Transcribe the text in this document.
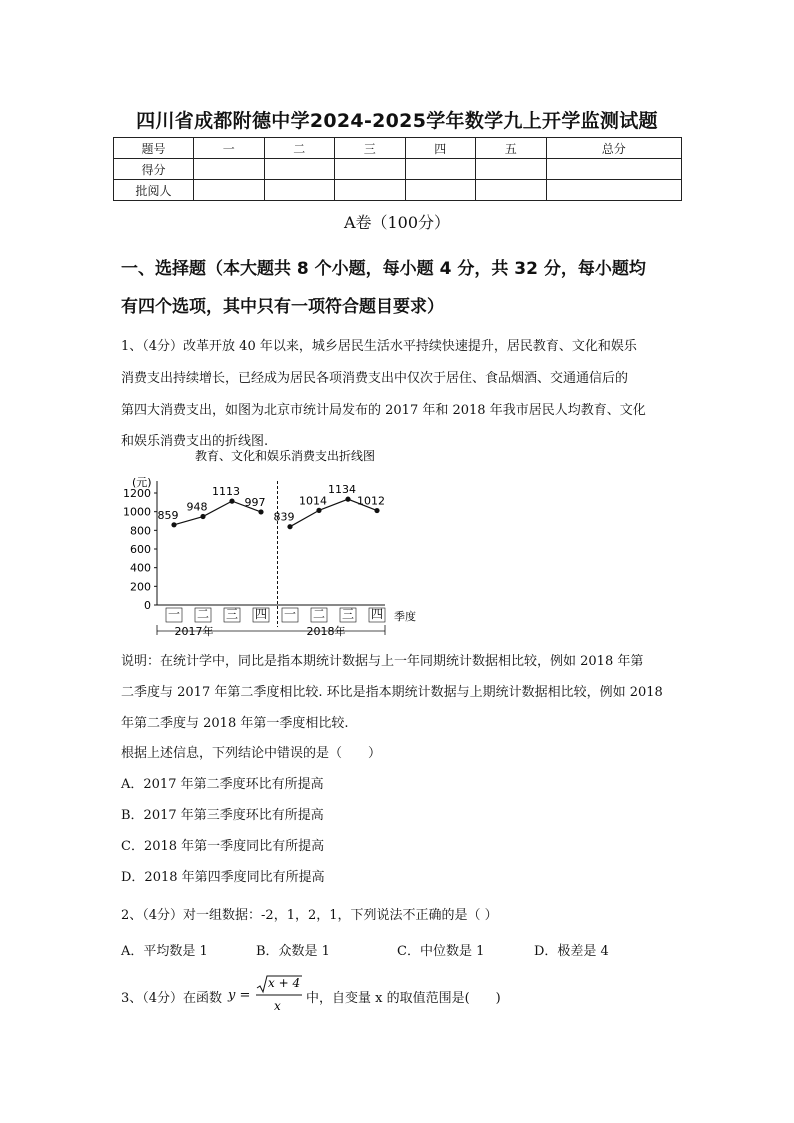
四川省成都附德中学2024-2025学年数学九上开学监测试题
题号	一	二	三	四	五	总分
得分						
批阅人						
A卷（100分）
一、选择题（本大题共 8 个小题，每小题 4 分，共 32 分，每小题均
有四个选项，其中只有一项符合题目要求）
1、（4分）改革开放 40 年以来，城乡居民生活水平持续快速提升，居民教育、文化和娱乐
消费支出持续增长，已经成为居民各项消费支出中仅次于居住、食品烟酒、交通通信后的
第四大消费支出，如图为北京市统计局发布的 2017 年和 2018 年我市居民人均教育、文化
和娱乐消费支出的折线图.
教育、文化和娱乐消费支出折线图
(元)
季度
2017年	2018年
0
200
400
600
800
1000
1200
一 二 三 四 一 二 三 四
859
948
1113
997
839
1014
1134
1012
说明：在统计学中，同比是指本期统计数据与上一年同期统计数据相比较，例如 2018 年第
二季度与 2017 年第二季度相比较. 环比是指本期统计数据与上期统计数据相比较，例如 2018
年第二季度与 2018 年第一季度相比较.
根据上述信息，下列结论中错误的是（　　）
A．2017 年第二季度环比有所提高
B．2017 年第三季度环比有所提高
C．2018 年第一季度同比有所提高
D．2018 年第四季度同比有所提高
2、（4分）对一组数据：-2，1，2，1，下列说法不正确的是（ ）
A．平均数是 1	B．众数是 1	C．中位数是 1	D．极差是 4
3、（4分）在函数 y =
x + 4
x 中，自变量 x 的取值范围是(　　)
